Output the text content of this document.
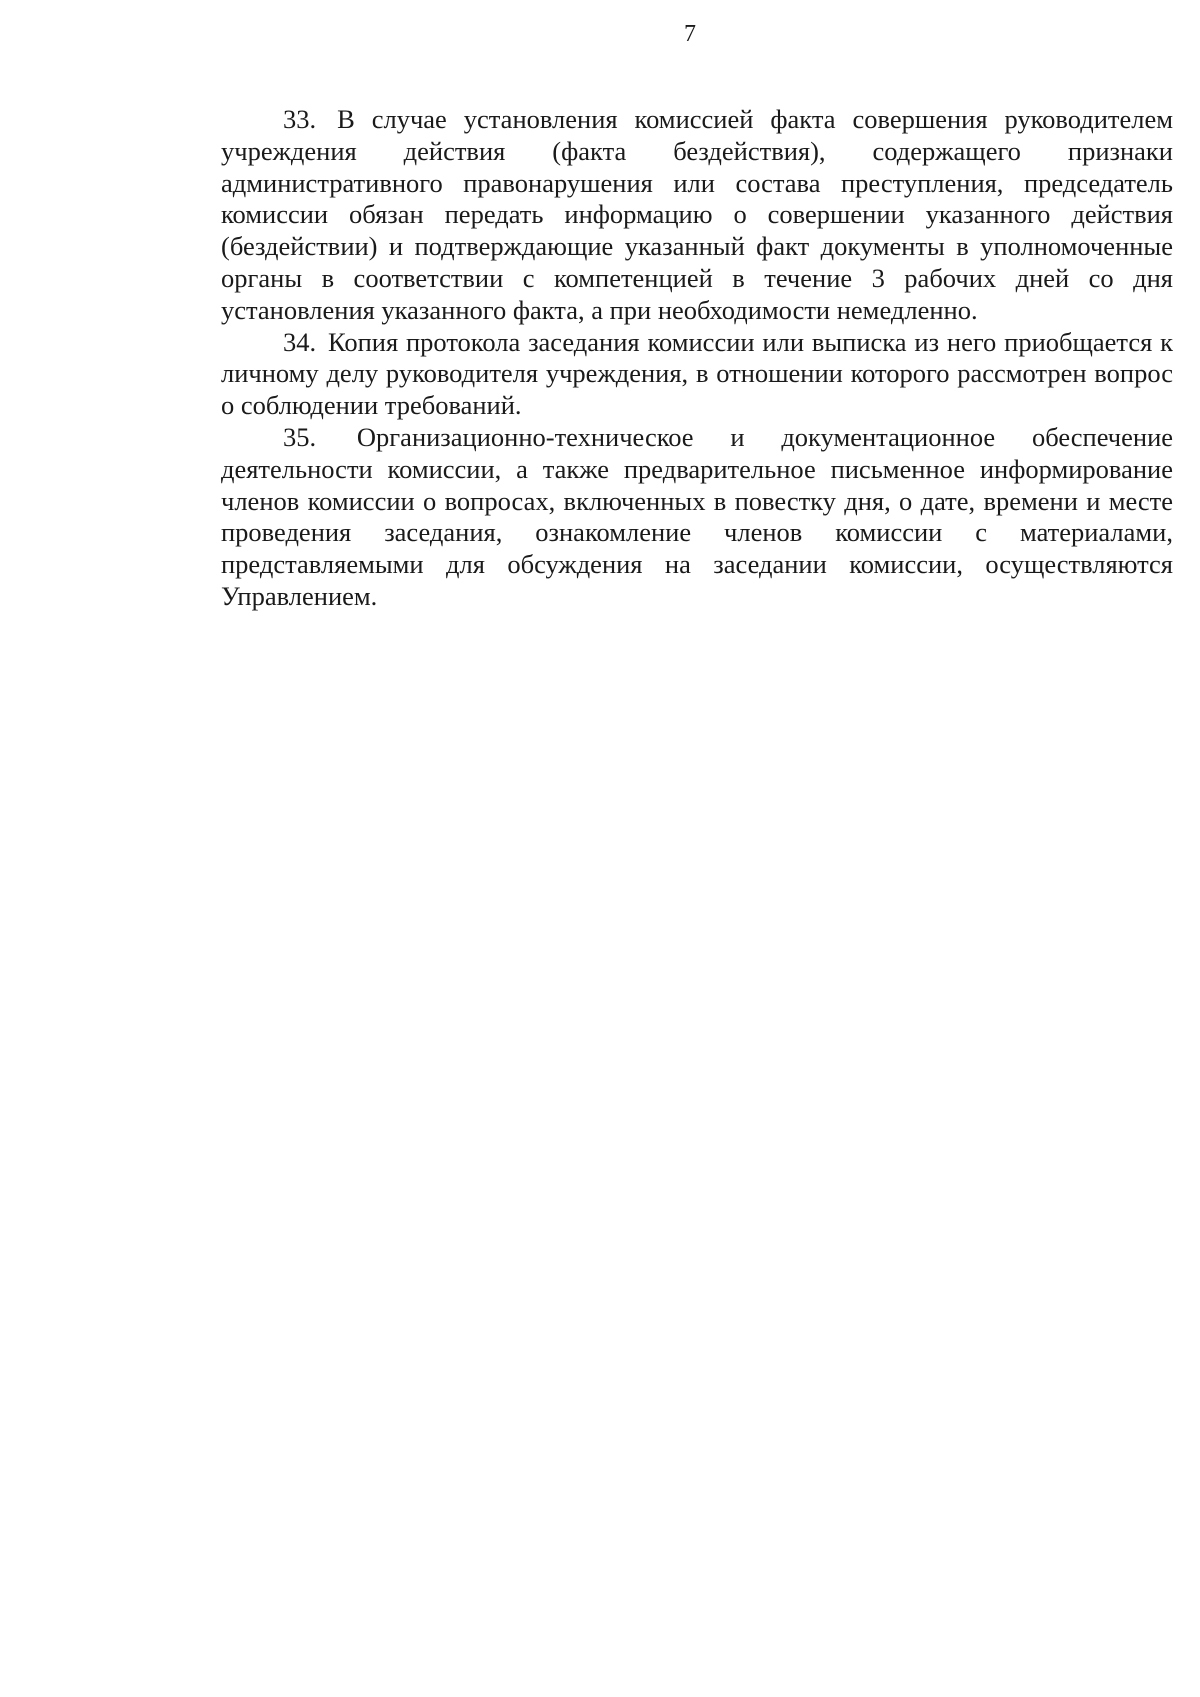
7

33. В случае установления комиссией факта совершения руководителем учреждения действия (факта бездействия), содержащего признаки административного правонарушения или состава преступления, председатель комиссии обязан передать информацию о совершении указанного действия (бездействии) и подтверждающие указанный факт документы в уполномоченные органы в соответствии с компетенцией в течение 3 рабочих дней со дня установления указанного факта, а при необходимости немедленно.

34. Копия протокола заседания комиссии или выписка из него приобщается к личному делу руководителя учреждения, в отношении которого рассмотрен вопрос о соблюдении требований.

35. Организационно-техническое и документационное обеспечение деятельности комиссии, а также предварительное письменное информирование членов комиссии о вопросах, включенных в повестку дня, о дате, времени и месте проведения заседания, ознакомление членов комиссии с материалами, представляемыми для обсуждения на заседании комиссии, осуществляются Управлением.
